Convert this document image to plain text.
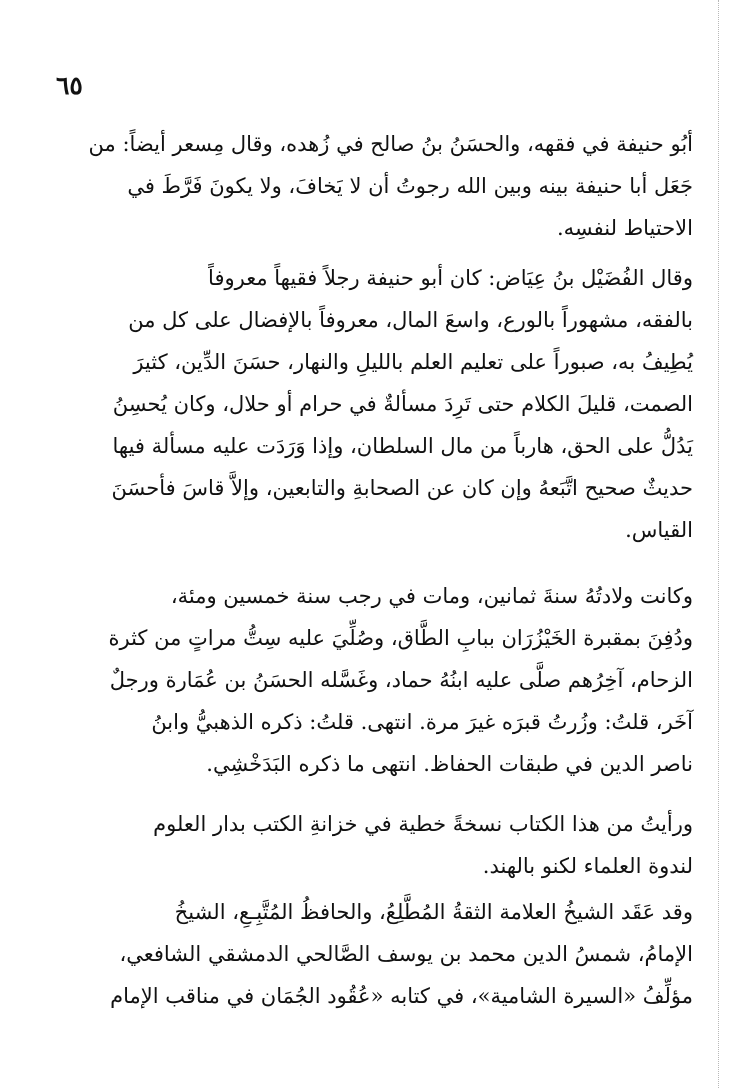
٦٥
أبُو حنيفة في فقهه، والحسَنُ بنُ صالح في زُهده، وقال مِسعر أيضاً: من
جَعَل أبا حنيفة بينه وبين الله رجوتُ أن لا يَخافَ، ولا يكونَ فَرَّطَ في
الاحتياط لنفسِه.
وقال الفُضَيْل بنُ عِيَاض: كان أبو حنيفة رجلاً فقيهاً معروفاً
بالفقه، مشهوراً بالورع، واسعَ المال، معروفاً بالإفضال على كل من
يُطِيفُ به، صبوراً على تعليم العلم بالليلِ والنهار، حسَنَ الدِّين، كثيرَ
الصمت، قليلَ الكلام حتى تَرِدَ مسألةٌ في حرام أو حلال، وكان يُحسِنُ
يَدُلُّ على الحق، هارباً من مال السلطان، وإذا وَرَدَت عليه مسألة فيها
حديثٌ صحيح اتَّبَعهُ وإن كان عن الصحابةِ والتابعين، وإلاَّ قاسَ فأحسَنَ
القياس.
وكانت ولادتُهُ سنةَ ثمانين، ومات في رجب سنة خمسين ومئة،
ودُفِنَ بمقبرة الخَيْزُرَان ببابِ الطَّاق، وصُلِّيَ عليه سِتُّ مراتٍ من كثرة
الزحام، آخِرُهم صلَّى عليه ابنُهُ حماد، وغَسَّله الحسَنُ بن عُمَارة ورجلٌ
آخَر، قلتُ: وزُرتُ قبرَه غيرَ مرة. انتهى. قلتُ: ذكره الذهبيُّ وابنُ
ناصر الدين في طبقات الحفاظ. انتهى ما ذكره البَدَخْشِي.
ورأيتُ من هذا الكتاب نسخةً خطية في خزانةِ الكتب بدار العلوم
لندوة العلماء لكنو بالهند.
وقد عَقَد الشيخُ العلامة الثقةُ المُطَّلِعُ، والحافظُ المُتَّبِـعِ، الشيخُ
الإمامُ، شمسُ الدين محمد بن يوسف الصَّالحي الدمشقي الشافعي،
مؤلِّفُ «السيرة الشامية»، في كتابه «عُقُود الجُمَان في مناقب الإمام
